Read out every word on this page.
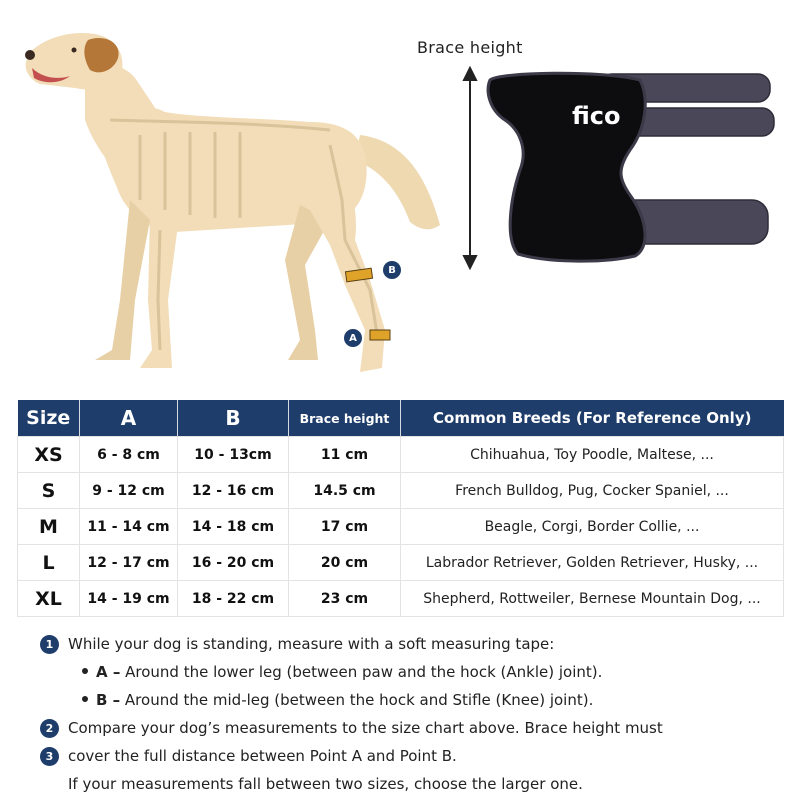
fico
Brace height
B
A
Size	A	B	Brace height	Common Breeds (For Reference Only)
XS	6 - 8 cm	10 - 13cm	11 cm	Chihuahua, Toy Poodle, Maltese, ...
S	9 - 12 cm	12 - 16 cm	14.5 cm	French Bulldog, Pug, Cocker Spaniel, ...
M	11 - 14 cm	14 - 18 cm	17 cm	Beagle, Corgi, Border Collie, ...
L	12 - 17 cm	16 - 20 cm	20 cm	Labrador Retriever, Golden Retriever, Husky, ...
XL	14 - 19 cm	18 - 22 cm	23 cm	Shepherd, Rottweiler, Bernese Mountain Dog, ...
1 While your dog is standing, measure with a soft measuring tape:
A – Around the lower leg (between paw and the hock (Ankle) joint).
B – Around the mid-leg (between the hock and Stifle (Knee) joint).
2 Compare your dog’s measurements to the size chart above. Brace height must
3 cover the full distance between Point A and Point B.
If your measurements fall between two sizes, choose the larger one.
